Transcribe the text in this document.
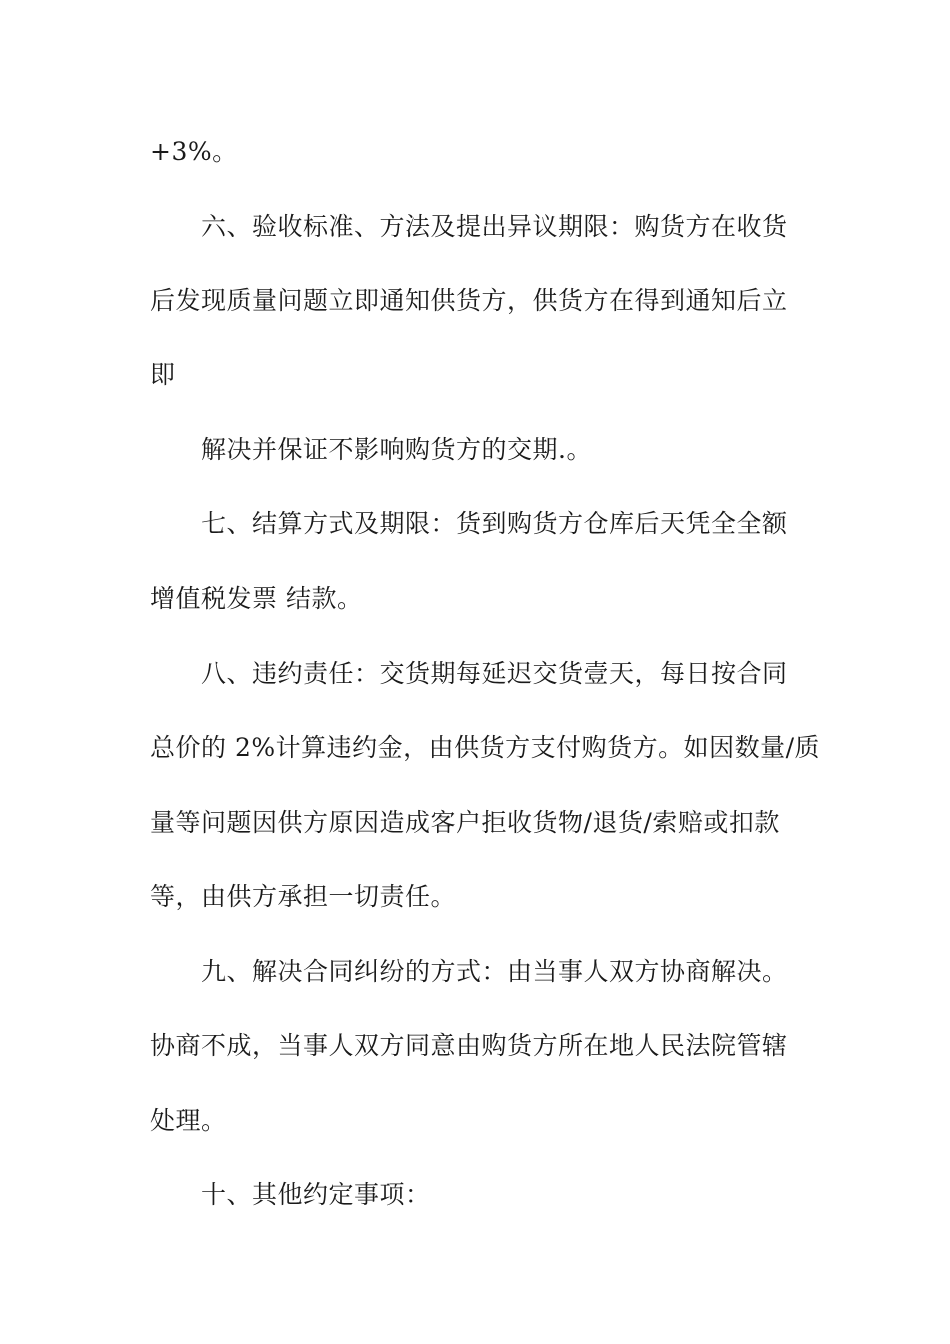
+3%。
六、验收标准、方法及提出异议期限：购货方在收货
后发现质量问题立即通知供货方，供货方在得到通知后立
即
解决并保证不影响购货方的交期.。
七、结算方式及期限：货到购货方仓库后天凭全全额
增值税发票 结款。
八、违约责任：交货期每延迟交货壹天，每日按合同
总价的 2%计算违约金，由供货方支付购货方。如因数量/质
量等问题因供方原因造成客户拒收货物/退货/索赔或扣款
等，由供方承担一切责任。
九、解决合同纠纷的方式：由当事人双方协商解决。
协商不成，当事人双方同意由购货方所在地人民法院管辖
处理。
十、其他约定事项：
